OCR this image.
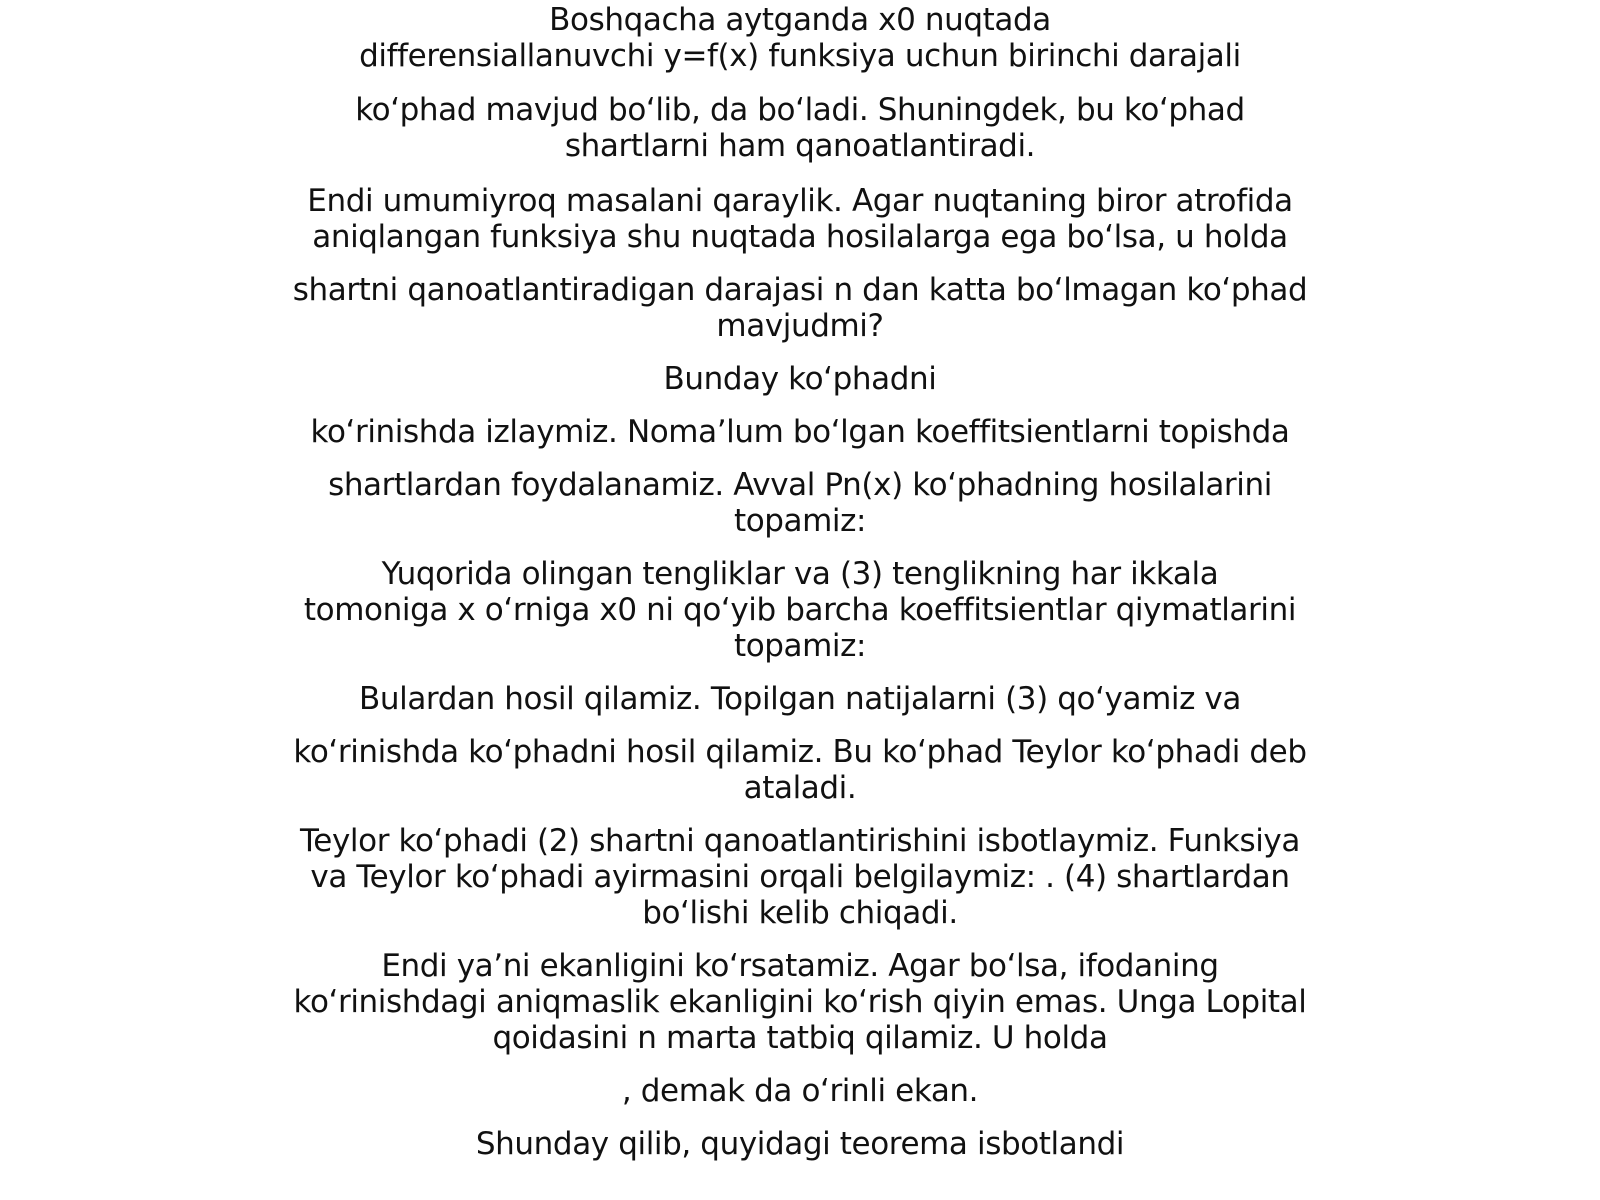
Boshqacha aytganda x0 nuqtada
differensiallanuvchi y=f(x) funksiya uchun birinchi darajali

koʻphad mavjud boʻlib, da boʻladi. Shuningdek, bu koʻphad
shartlarni ham qanoatlantiradi.

Endi umumiyroq masalani qaraylik. Agar nuqtaning biror atrofida
aniqlangan funksiya shu nuqtada hosilalarga ega boʻlsa, u holda

shartni qanoatlantiradigan darajasi n dan katta boʻlmagan koʻphad
mavjudmi?

Bunday koʻphadni

koʻrinishda izlaymiz. Nomaʼlum boʻlgan koeffitsientlarni topishda

shartlardan foydalanamiz. Avval Pn(x) koʻphadning hosilalarini
topamiz:

Yuqorida olingan tengliklar va (3) tenglikning har ikkala
tomoniga x oʻrniga x0 ni qoʻyib barcha koeffitsientlar qiymatlarini
topamiz:

Bulardan hosil qilamiz. Topilgan natijalarni (3) qoʻyamiz va

koʻrinishda koʻphadni hosil qilamiz. Bu koʻphad Teylor koʻphadi deb
ataladi.

Teylor koʻphadi (2) shartni qanoatlantirishini isbotlaymiz. Funksiya
va Teylor koʻphadi ayirmasini orqali belgilaymiz: . (4) shartlardan
boʻlishi kelib chiqadi.

Endi yaʼni ekanligini koʻrsatamiz. Agar boʻlsa, ifodaning
koʻrinishdagi aniqmaslik ekanligini koʻrish qiyin emas. Unga Lopital
qoidasini n marta tatbiq qilamiz. U holda

, demak da oʻrinli ekan.

Shunday qilib, quyidagi teorema isbotlandi
